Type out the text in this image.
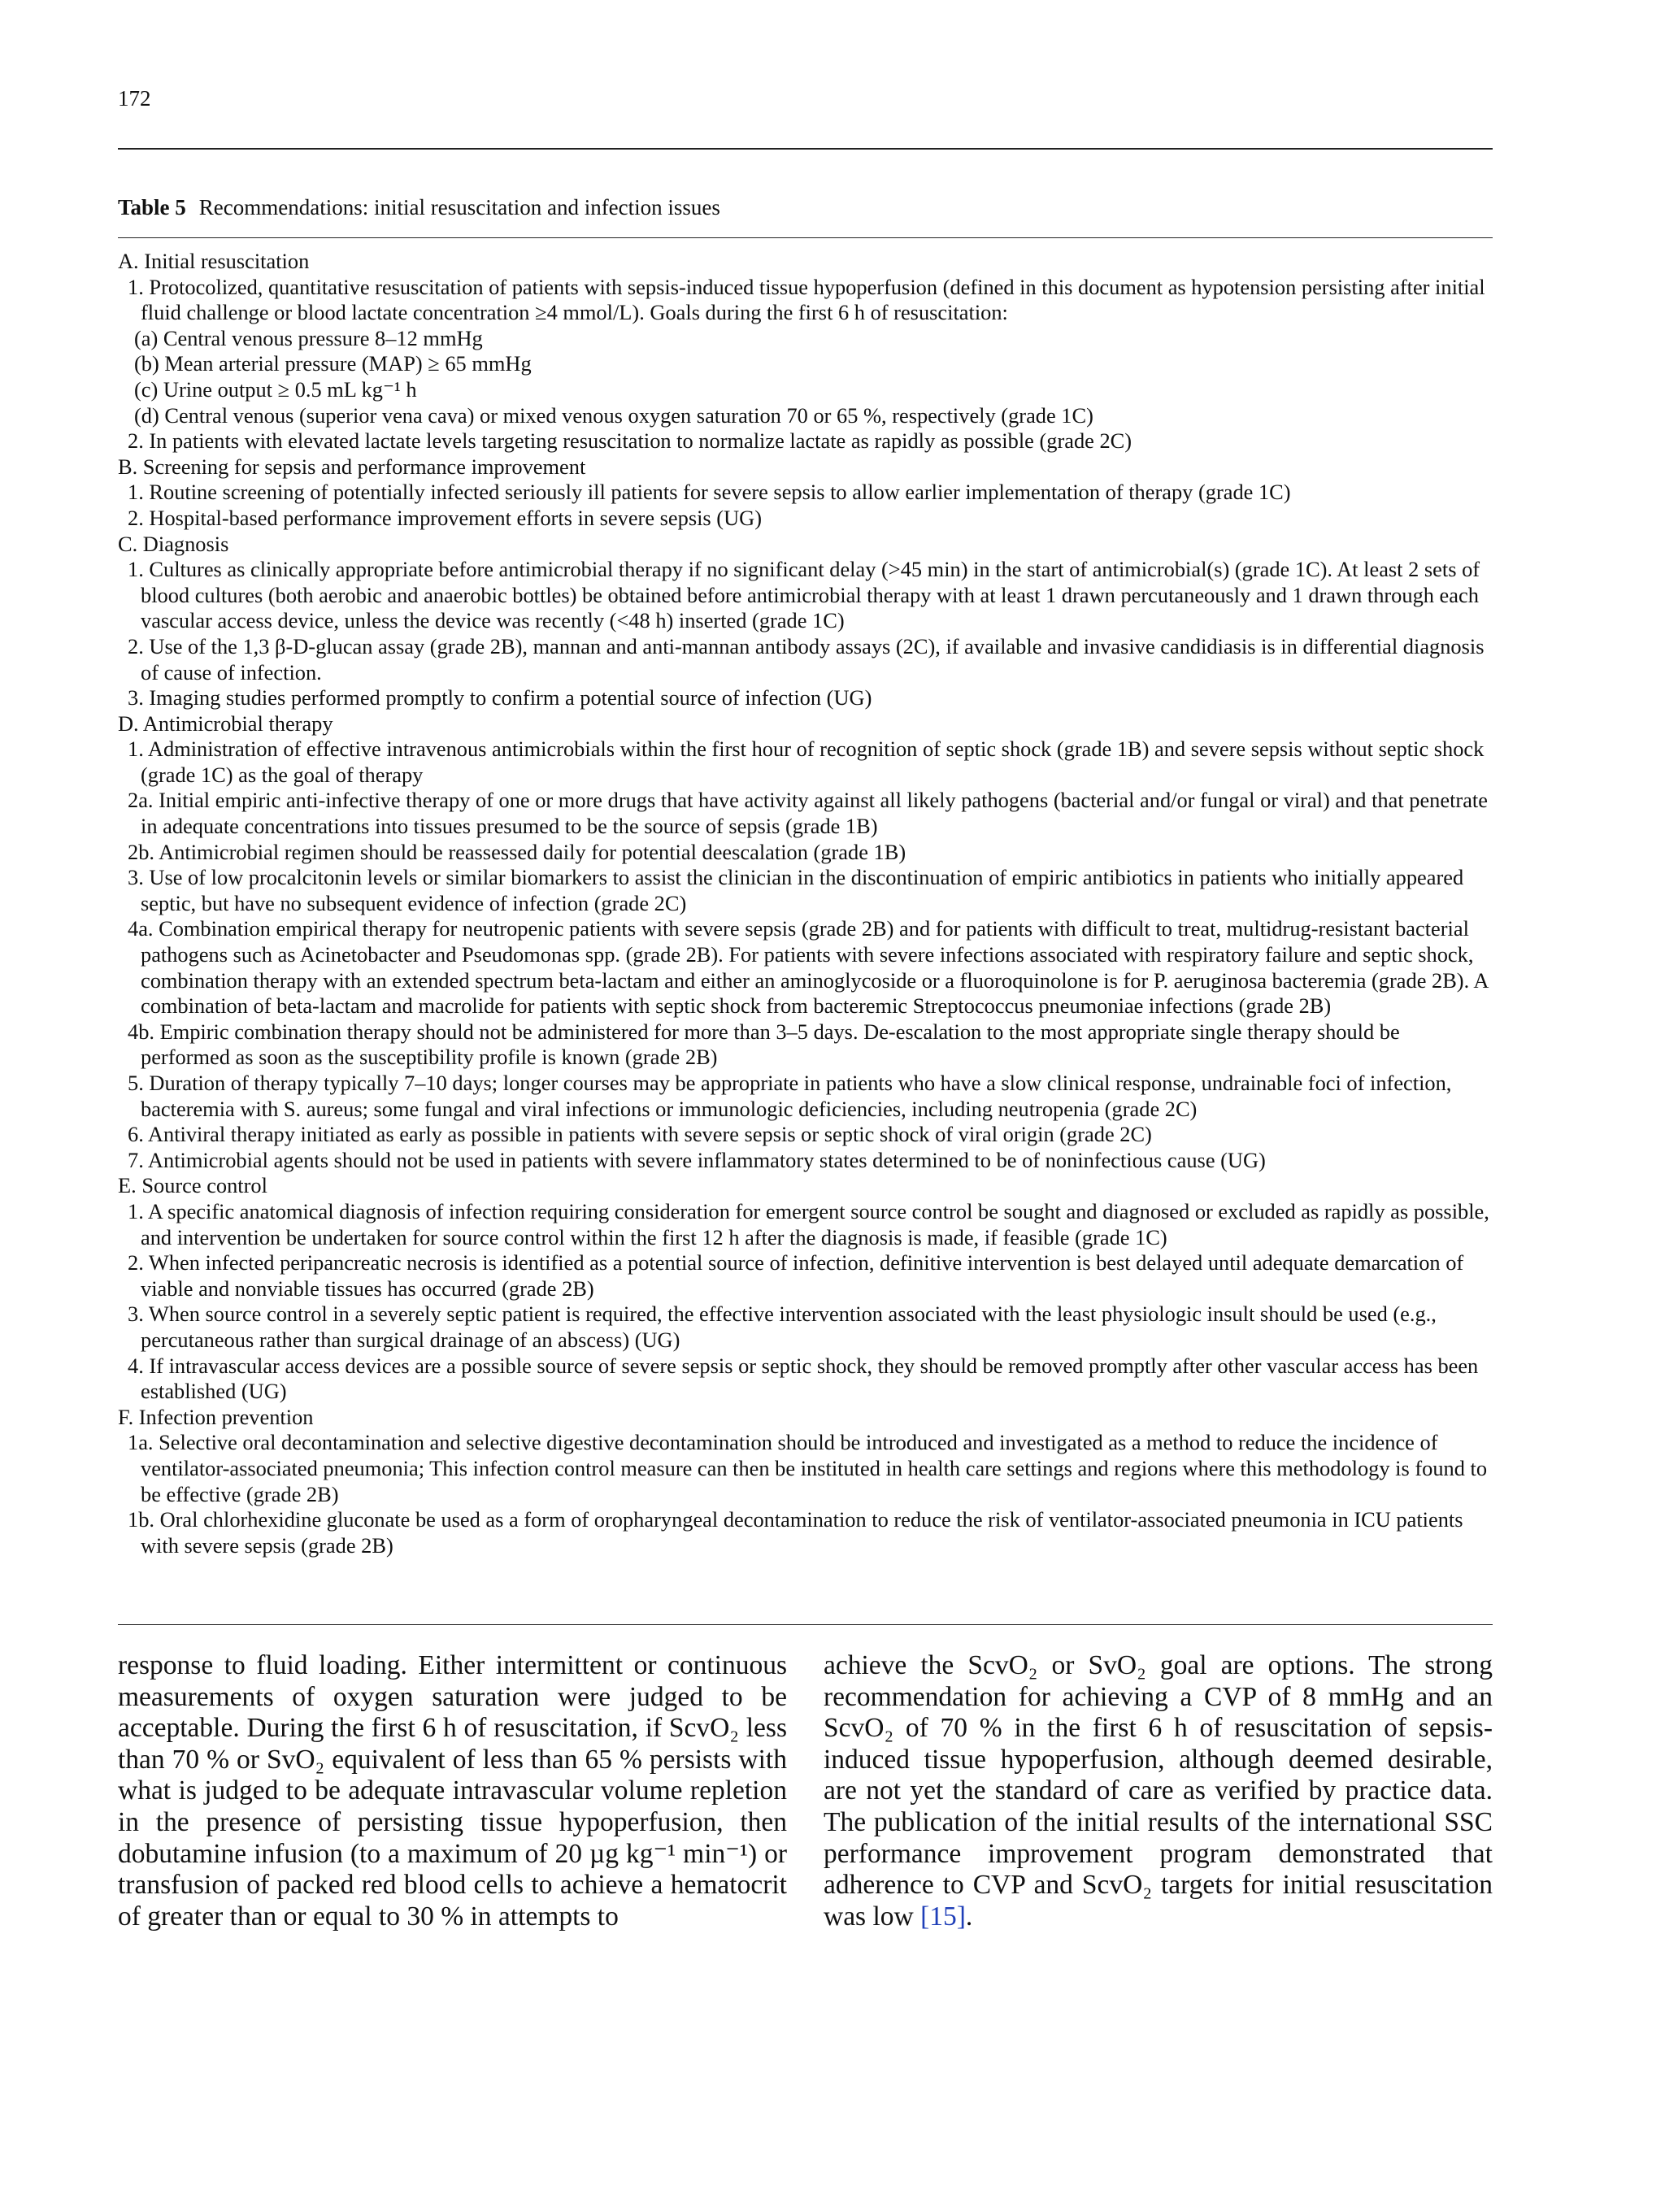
172
Table 5 Recommendations: initial resuscitation and infection issues

A. Initial resuscitation

1. Protocolized, quantitative resuscitation of patients with sepsis-induced tissue hypoperfusion (defined in this document as hypotension persisting after initial fluid challenge or blood lactate concentration ≥4 mmol/L). Goals during the first 6 h of resuscitation:

(a) Central venous pressure 8–12 mmHg

(b) Mean arterial pressure (MAP) ≥ 65 mmHg

(c) Urine output ≥ 0.5 mL kg⁻¹ h

(d) Central venous (superior vena cava) or mixed venous oxygen saturation 70 or 65 %, respectively (grade 1C)

2. In patients with elevated lactate levels targeting resuscitation to normalize lactate as rapidly as possible (grade 2C)

B. Screening for sepsis and performance improvement

1. Routine screening of potentially infected seriously ill patients for severe sepsis to allow earlier implementation of therapy (grade 1C)

2. Hospital-based performance improvement efforts in severe sepsis (UG)

C. Diagnosis

1. Cultures as clinically appropriate before antimicrobial therapy if no significant delay (>45 min) in the start of antimicrobial(s) (grade 1C). At least 2 sets of blood cultures (both aerobic and anaerobic bottles) be obtained before antimicrobial therapy with at least 1 drawn percutaneously and 1 drawn through each vascular access device, unless the device was recently (<48 h) inserted (grade 1C)

2. Use of the 1,3 β-D-glucan assay (grade 2B), mannan and anti-mannan antibody assays (2C), if available and invasive candidiasis is in differential diagnosis of cause of infection.

3. Imaging studies performed promptly to confirm a potential source of infection (UG)

D. Antimicrobial therapy

1. Administration of effective intravenous antimicrobials within the first hour of recognition of septic shock (grade 1B) and severe sepsis without septic shock (grade 1C) as the goal of therapy

2a. Initial empiric anti-infective therapy of one or more drugs that have activity against all likely pathogens (bacterial and/or fungal or viral) and that penetrate in adequate concentrations into tissues presumed to be the source of sepsis (grade 1B)

2b. Antimicrobial regimen should be reassessed daily for potential deescalation (grade 1B)

3. Use of low procalcitonin levels or similar biomarkers to assist the clinician in the discontinuation of empiric antibiotics in patients who initially appeared septic, but have no subsequent evidence of infection (grade 2C)

4a. Combination empirical therapy for neutropenic patients with severe sepsis (grade 2B) and for patients with difficult to treat, multidrug-resistant bacterial pathogens such as Acinetobacter and Pseudomonas spp. (grade 2B). For patients with severe infections associated with respiratory failure and septic shock, combination therapy with an extended spectrum beta-lactam and either an aminoglycoside or a fluoroquinolone is for P. aeruginosa bacteremia (grade 2B). A combination of beta-lactam and macrolide for patients with septic shock from bacteremic Streptococcus pneumoniae infections (grade 2B)

4b. Empiric combination therapy should not be administered for more than 3–5 days. De-escalation to the most appropriate single therapy should be performed as soon as the susceptibility profile is known (grade 2B)

5. Duration of therapy typically 7–10 days; longer courses may be appropriate in patients who have a slow clinical response, undrainable foci of infection, bacteremia with S. aureus; some fungal and viral infections or immunologic deficiencies, including neutropenia (grade 2C)

6. Antiviral therapy initiated as early as possible in patients with severe sepsis or septic shock of viral origin (grade 2C)

7. Antimicrobial agents should not be used in patients with severe inflammatory states determined to be of noninfectious cause (UG)

E. Source control

1. A specific anatomical diagnosis of infection requiring consideration for emergent source control be sought and diagnosed or excluded as rapidly as possible, and intervention be undertaken for source control within the first 12 h after the diagnosis is made, if feasible (grade 1C)

2. When infected peripancreatic necrosis is identified as a potential source of infection, definitive intervention is best delayed until adequate demarcation of viable and nonviable tissues has occurred (grade 2B)

3. When source control in a severely septic patient is required, the effective intervention associated with the least physiologic insult should be used (e.g., percutaneous rather than surgical drainage of an abscess) (UG)

4. If intravascular access devices are a possible source of severe sepsis or septic shock, they should be removed promptly after other vascular access has been established (UG)

F. Infection prevention

1a. Selective oral decontamination and selective digestive decontamination should be introduced and investigated as a method to reduce the incidence of ventilator-associated pneumonia; This infection control measure can then be instituted in health care settings and regions where this methodology is found to be effective (grade 2B)

1b. Oral chlorhexidine gluconate be used as a form of oropharyngeal decontamination to reduce the risk of ventilator-associated pneumonia in ICU patients with severe sepsis (grade 2B)

response to fluid loading. Either intermittent or continuous measurements of oxygen saturation were judged to be acceptable. During the first 6 h of resuscitation, if ScvO₂ less than 70 % or SvO₂ equivalent of less than 65 % persists with what is judged to be adequate intravascular volume repletion in the presence of persisting tissue hypoperfusion, then dobutamine infusion (to a maximum of 20 µg kg⁻¹ min⁻¹) or transfusion of packed red blood cells to achieve a hematocrit of greater than or equal to 30 % in attempts to
achieve the ScvO₂ or SvO₂ goal are options. The strong recommendation for achieving a CVP of 8 mmHg and an ScvO₂ of 70 % in the first 6 h of resuscitation of sepsis-induced tissue hypoperfusion, although deemed desirable, are not yet the standard of care as verified by practice data. The publication of the initial results of the international SSC performance improvement program demonstrated that adherence to CVP and ScvO₂ targets for initial resuscitation was low [15].
